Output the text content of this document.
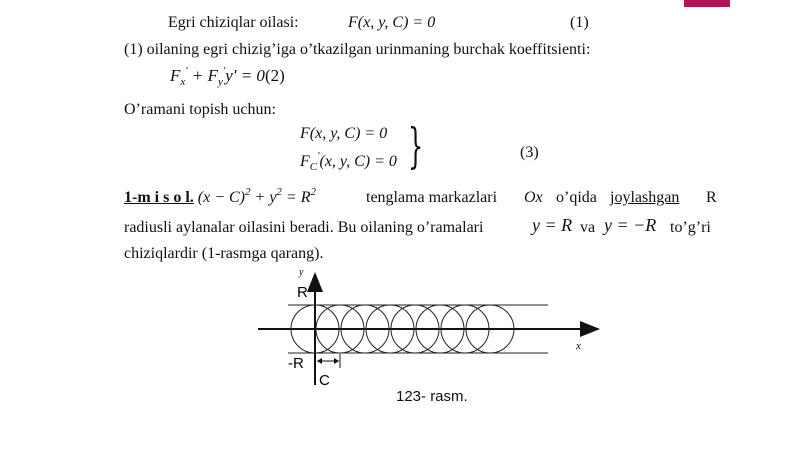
Egri chiziqlar oilasi:	F(x, y, C) = 0	(1)
(1) oilaning egri chizig’iga o’tkazilgan urinmaning burchak koeffitsienti:
$F_x' + F_y'y' = 0(2)$
O’ramani topish uchun:
F(x, y, C) = 0
$F_C'(x$, y, C) = 0 }	(3)
1-m i s o l. $(x - C)^2 + y^2 = R^2$	tenglama markazlari Ox o’qida joylashgan R
radiusli aylanalar oilasini beradi. Bu oilaning o’ramalari	y = R va y = −R to’g’ri
chiziqlardir (1-rasmga qarang).
y
R
-R
C
x
123- rasm.
